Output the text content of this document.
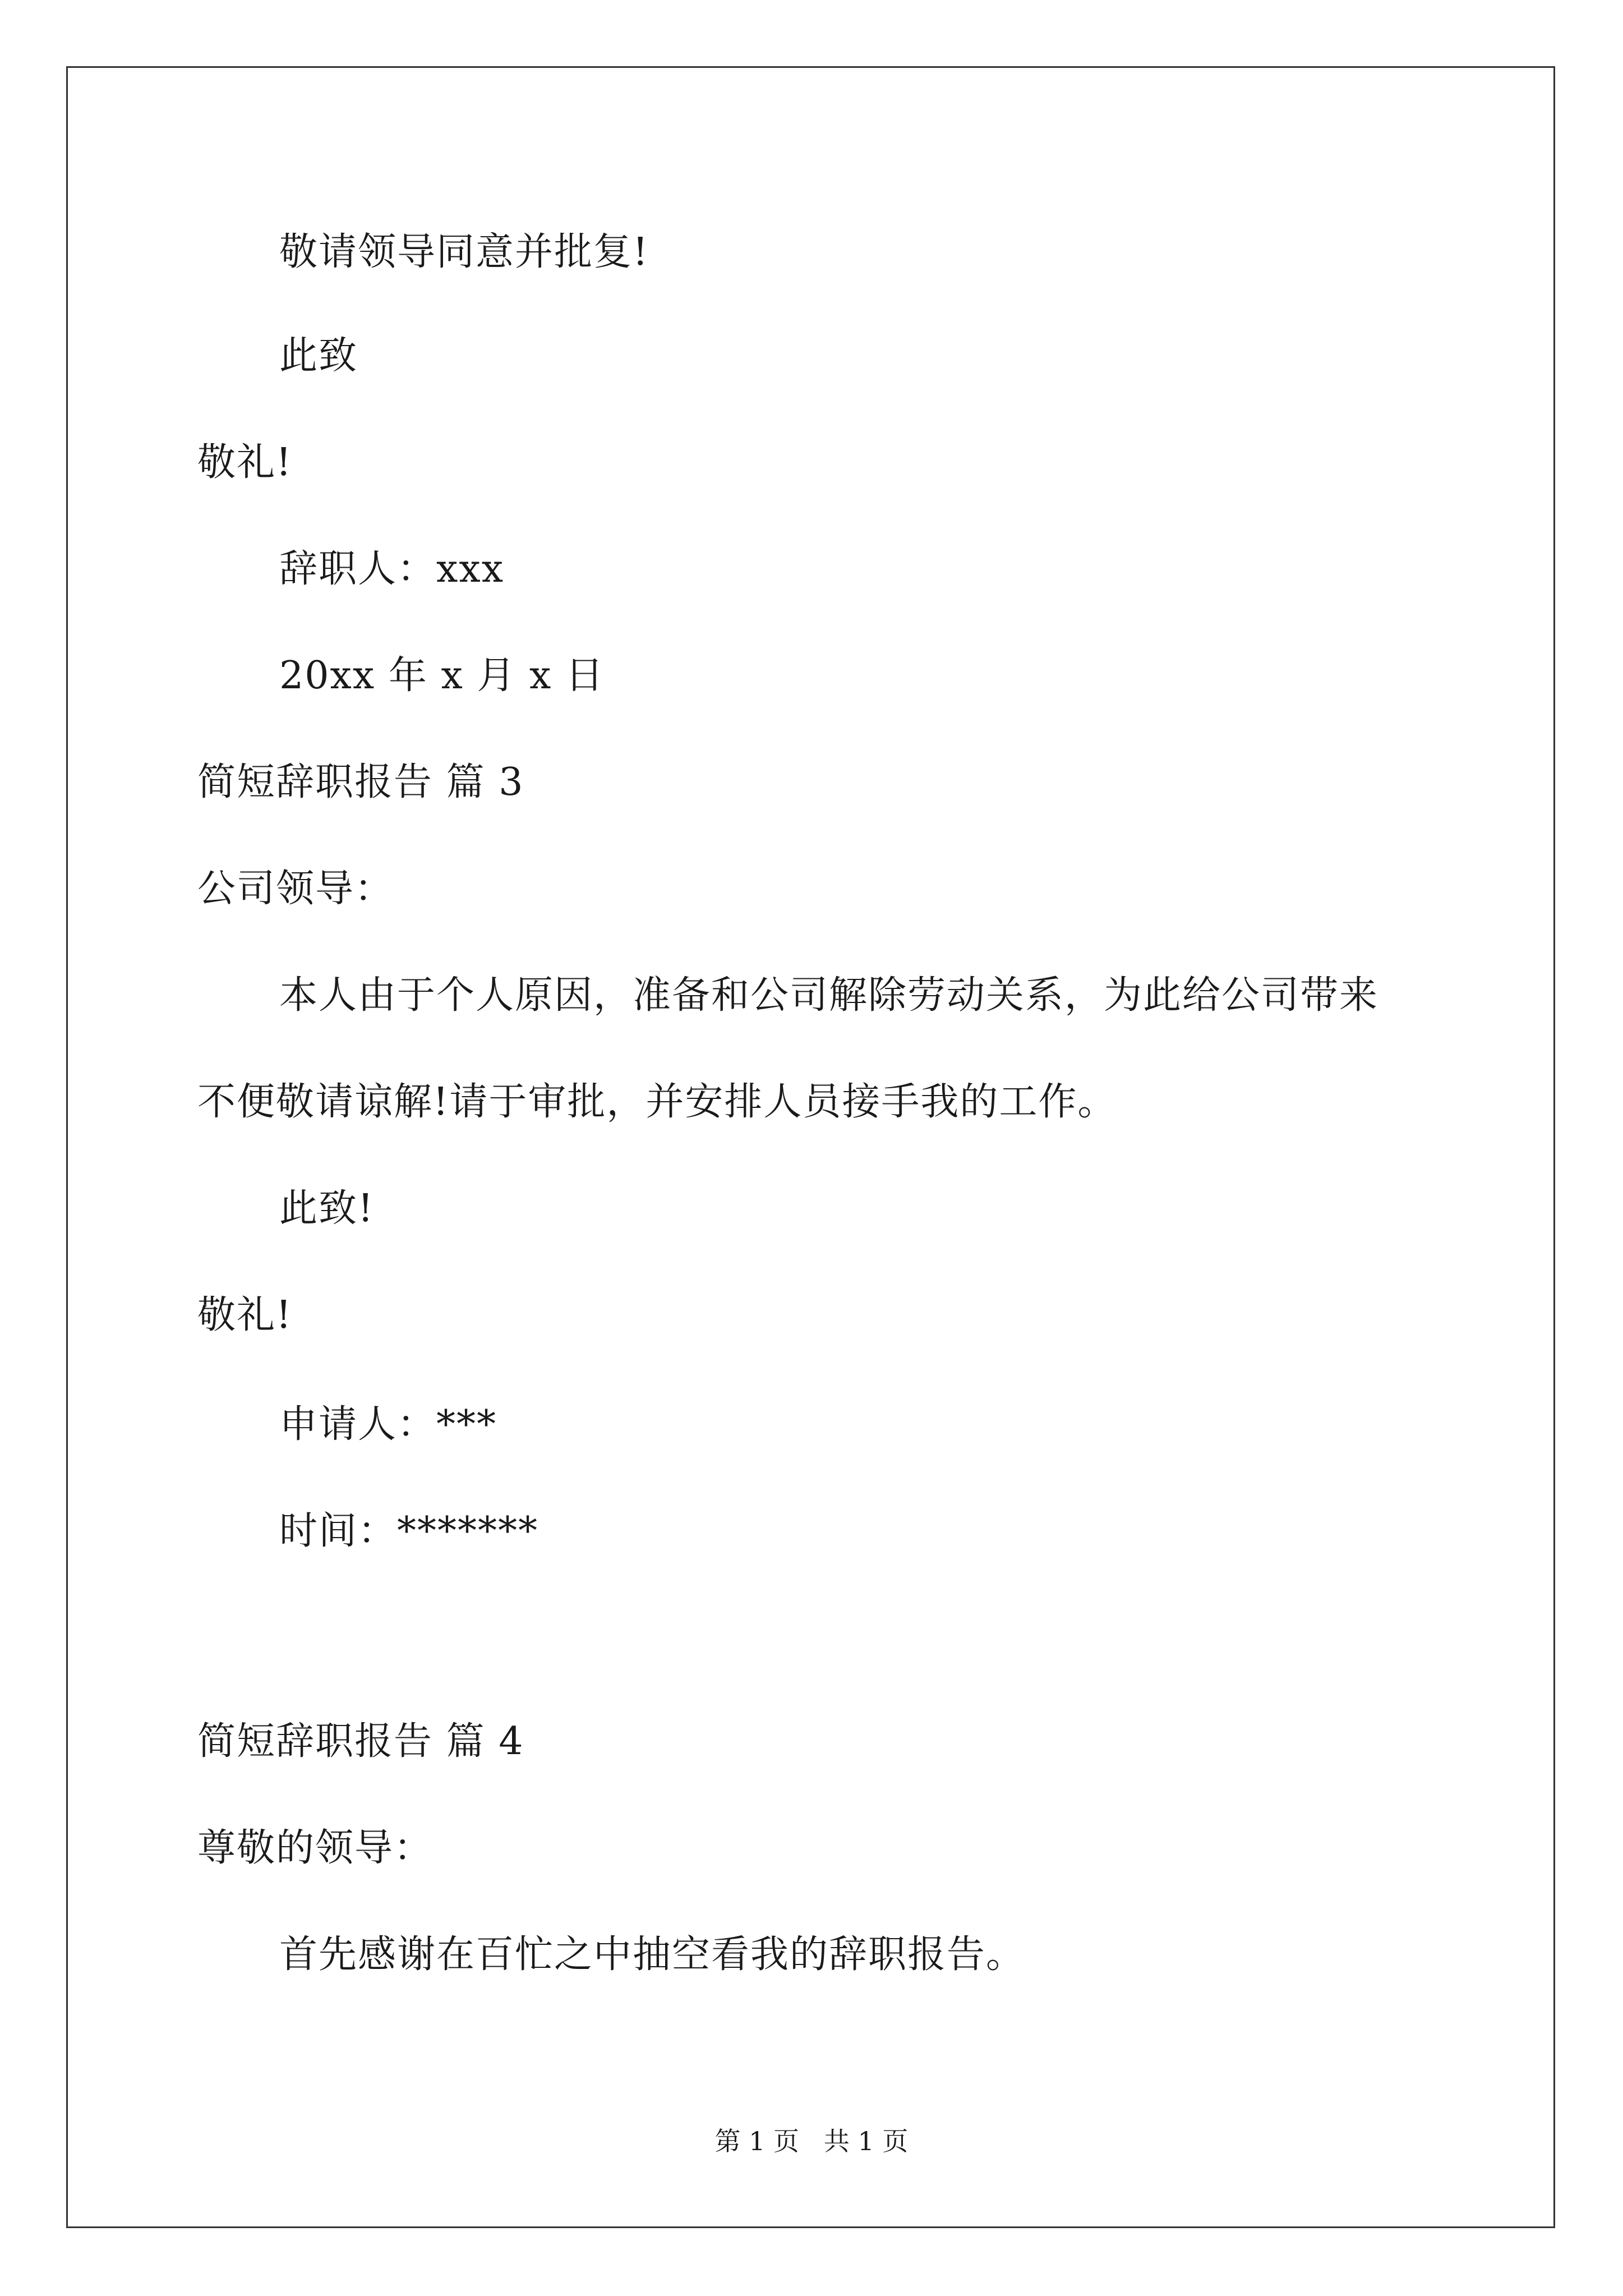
敬请领导同意并批复!
此致
敬礼!
辞职人：xxx
20xx 年 x 月 x 日
简短辞职报告 篇 3
公司领导：
本人由于个人原因，准备和公司解除劳动关系，为此给公司带来
不便敬请谅解!请于审批，并安排人员接手我的工作。
此致!
敬礼!
申请人：***
时间：*******
简短辞职报告 篇 4
尊敬的领导：
首先感谢在百忙之中抽空看我的辞职报告。
第 1 页   共 1 页
